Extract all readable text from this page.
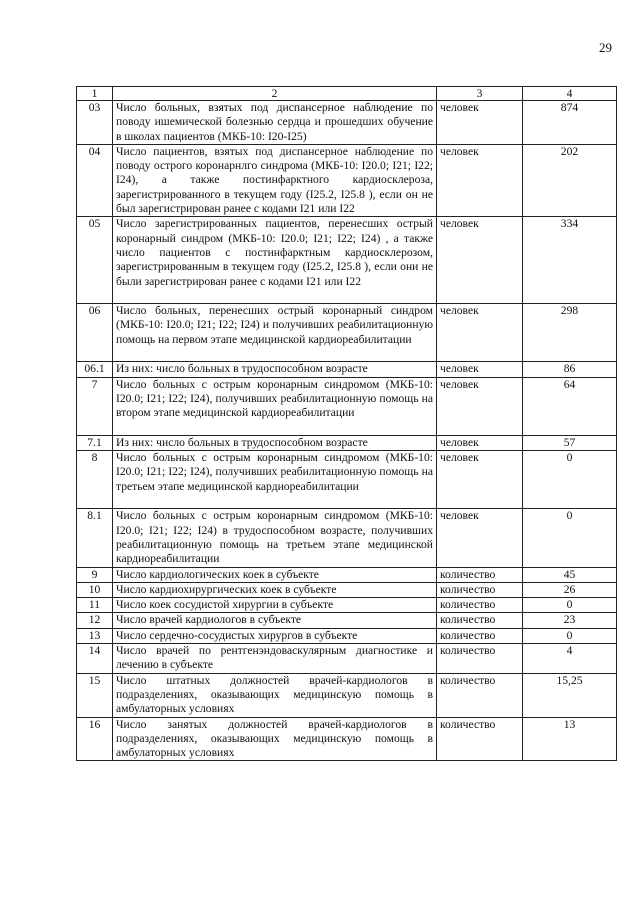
29
1	2	3	4
03	Число больных, взятых под диспансерное наблюдение по поводу ишемической болезнью сердца и прошедших обучение в школах пациентов (МКБ-10: I20-I25)	человек	874
04	Число пациентов, взятых под диспансерное наблюдение по поводу острого коронарнлго синдрома (МКБ-10: I20.0; I21; I22; I24), а также постинфарктного кардиосклероза, зарегистрированного в текущем году (I25.2, I25.8 ), если он не был зарегистрирован ранее с кодами I21 или I22	человек	202
05	Число зарегистрированных пациентов, перенесших острый коронарный синдром (МКБ-10: I20.0; I21; I22; I24) , а также число пациентов с постинфарктным кардиосклерозом, зарегистрированным в текущем году (I25.2, I25.8 ), если они не были зарегистрирован ранее с кодами I21 или I22	человек	334
06	Число больных, перенесших острый коронарный синдром (МКБ-10: I20.0; I21; I22; I24) и получивших реабилитационную помощь на первом этапе медицинской кардиореабилитации	человек	298
06.1	Из них: число больных в трудоспособном возрасте	человек	86
7	Число больных с острым коронарным синдромом (МКБ-10: I20.0; I21; I22; I24), получивших реабилитационную помощь на втором этапе медицинской кардиореабилитации	человек	64
7.1	Из них: число больных в трудоспособном возрасте	человек	57
8	Число больных с острым коронарным синдромом (МКБ-10: I20.0; I21; I22; I24), получивших реабилитационную помощь на третьем этапе медицинской кардиореабилитации	человек	0
8.1	Число больных с острым коронарным синдромом (МКБ-10: I20.0; I21; I22; I24) в трудоспособном возрасте, получивших реабилитационную помощь на третьем этапе медицинской кардиореабилитации	человек	0
9	Число кардиологических коек в субъекте	количество	45
10	Число кардиохирургических коек в субъекте	количество	26
11	Число коек сосудистой хирургии в субъекте	количество	0
12	Число врачей кардиологов в субъекте	количество	23
13	Число сердечно-сосудистых хирургов в субъекте	количество	0
14	Число врачей по рентгенэндоваскулярным диагностике и лечению в субъекте	количество	4
15	Число штатных должностей врачей-кардиологов в подразделениях, оказывающих медицинскую помощь в амбулаторных условиях	количество	15,25
16	Число занятых должностей врачей-кардиологов в подразделениях, оказывающих медицинскую помощь в амбулаторных условиях	количество	13
